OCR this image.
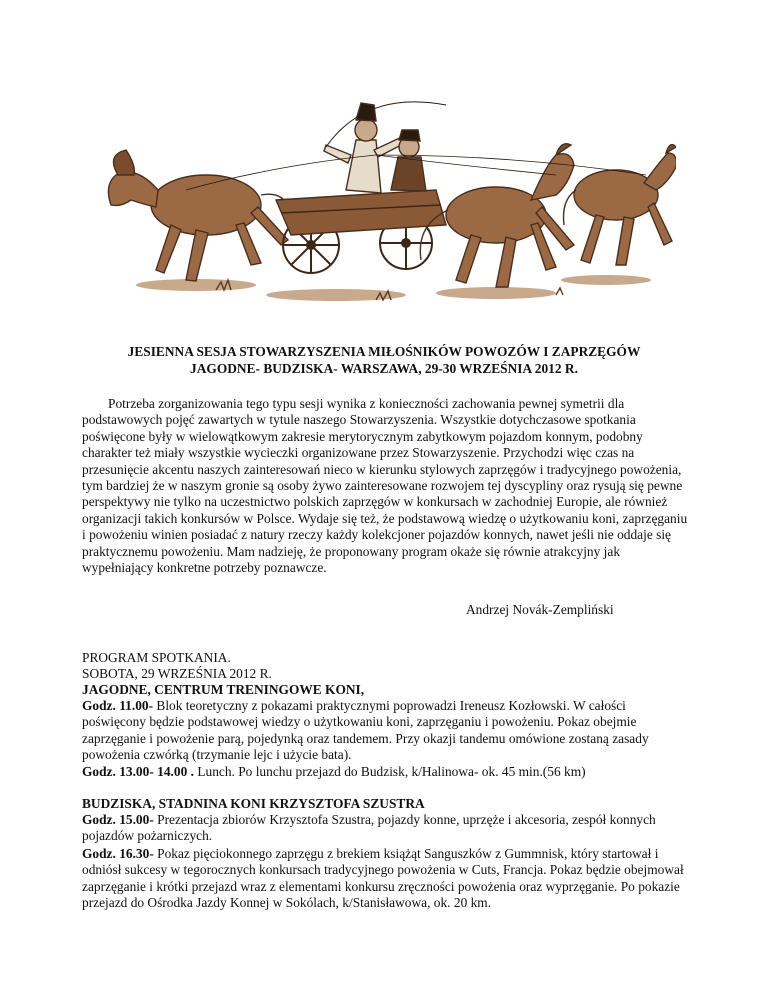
JESIENNA SESJA STOWARZYSZENIA MIŁOŚNIKÓW POWOZÓW I ZAPRZĘGÓW
JAGODNE- BUDZISKA- WARSZAWA, 29-30 WRZEŚNIA 2012 R.

Potrzeba zorganizowania tego typu sesji wynika z konieczności zachowania pewnej symetrii dla podstawowych pojęć zawartych w tytule naszego Stowarzyszenia. Wszystkie dotychczasowe spotkania poświęcone były w wielowątkowym zakresie merytorycznym zabytkowym pojazdom konnym, podobny charakter też miały wszystkie wycieczki organizowane przez Stowarzyszenie. Przychodzi więc czas na przesunięcie akcentu naszych zainteresowań nieco w kierunku stylowych zaprzęgów i tradycyjnego powożenia, tym bardziej że w naszym gronie są osoby żywo zainteresowane rozwojem tej dyscypliny oraz rysują się pewne perspektywy nie tylko na uczestnictwo polskich zaprzęgów w konkursach w zachodniej Europie, ale również organizacji takich konkursów w Polsce. Wydaje się też, że podstawową wiedzę o użytkowaniu koni, zaprzęganiu i powożeniu winien posiadać z natury rzeczy każdy kolekcjoner pojazdów konnych, nawet jeśli nie oddaje się praktycznemu powożeniu. Mam nadzieję, że proponowany program okaże się równie atrakcyjny jak wypełniający konkretne potrzeby poznawcze.

Andrzej Novák-Zempliński
PROGRAM SPOTKANIA.
SOBOTA, 29 WRZEŚNIA 2012 R.
JAGODNE, CENTRUM TRENINGOWE KONI,

Godz. 11.00- Blok teoretyczny z pokazami praktycznymi poprowadzi Ireneusz Kozłowski. W całości poświęcony będzie podstawowej wiedzy o użytkowaniu koni, zaprzęganiu i powożeniu. Pokaz obejmie zaprzęganie i powożenie parą, pojedynką oraz tandemem. Przy okazji tandemu omówione zostaną zasady powożenia czwórką (trzymanie lejc i użycie bata).

Godz. 13.00- 14.00 . Lunch. Po lunchu przejazd do Budzisk, k/Halinowa- ok. 45 min.(56 km)

BUDZISKA, STADNINA KONI KRZYSZTOFA SZUSTRA

Godz. 15.00- Prezentacja zbiorów Krzysztofa Szustra, pojazdy konne, uprzęże i akcesoria, zespół konnych pojazdów pożarniczych.

Godz. 16.30- Pokaz pięciokonnego zaprzęgu z brekiem książąt Sanguszków z Gummnisk, który startował i odniósł sukcesy w tegorocznych konkursach tradycyjnego powożenia w Cuts, Francja. Pokaz będzie obejmował zaprzęganie i krótki przejazd wraz z elementami konkursu zręczności powożenia oraz wyprzęganie. Po pokazie przejazd do Ośrodka Jazdy Konnej w Sokólach, k/Stanisławowa, ok. 20 km.
